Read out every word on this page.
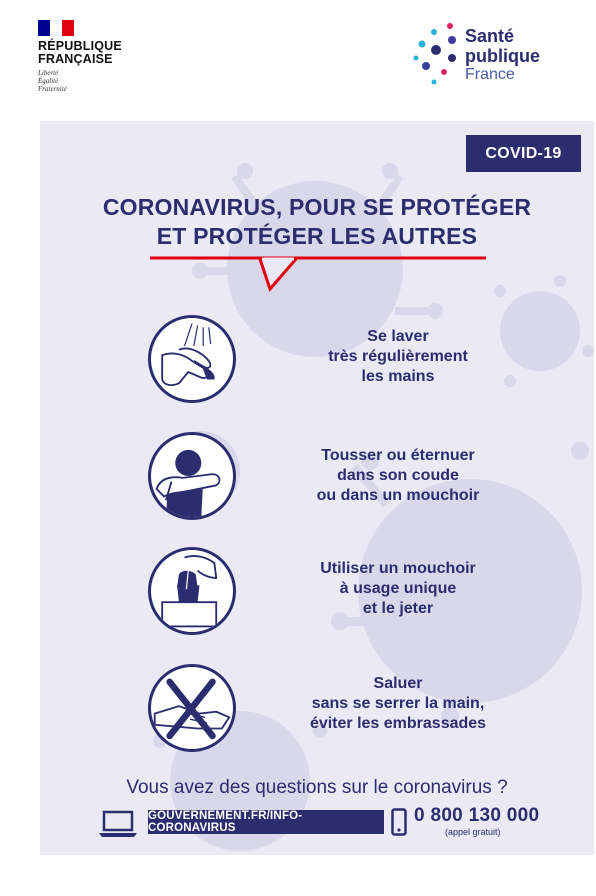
RÉPUBLIQUE
FRANÇAISE
Liberté
Égalité
Fraternité
Santé
publique
France
COVID-19
CORONAVIRUS, POUR SE PROTÉGER
ET PROTÉGER LES AUTRES
Se laver
très régulièrement
les mains
Tousser ou éternuer
dans son coude
ou dans un mouchoir
Utiliser un mouchoir
à usage unique
et le jeter
Saluer
sans se serrer la main,
éviter les embrassades
Vous avez des questions sur le coronavirus ?
GOUVERNEMENT.FR/INFO-CORONAVIRUS
0 800 130 000
(appel gratuit)
